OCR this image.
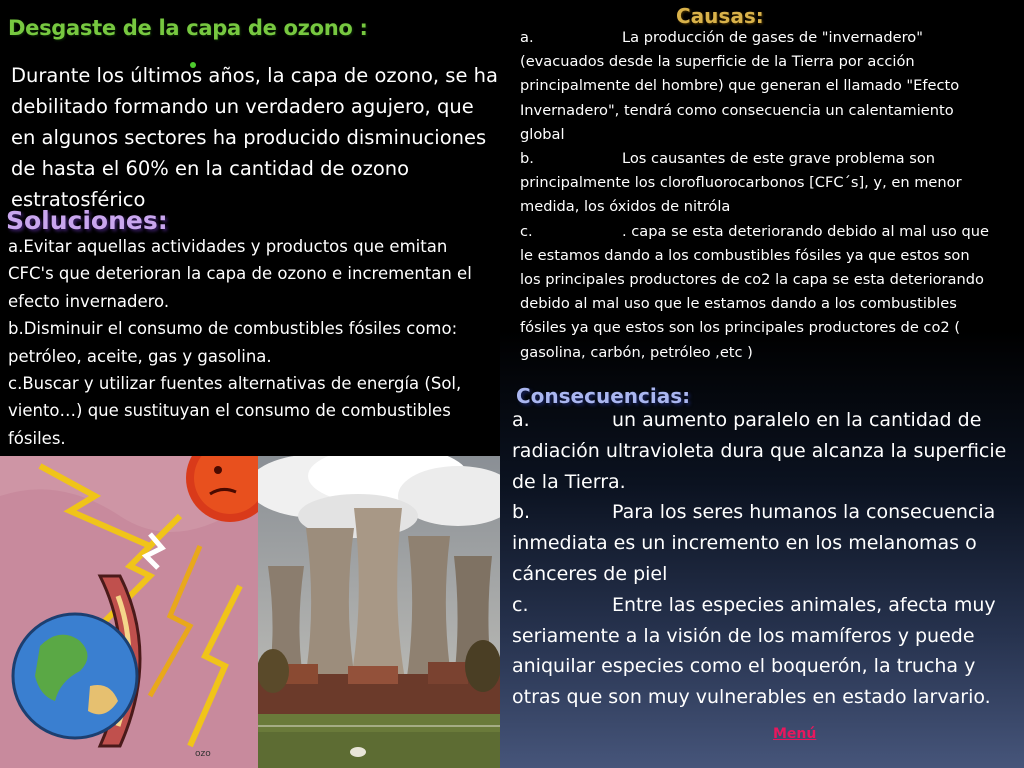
Desgaste de la capa de ozono :
Durante los últimos años, la capa de ozono, se ha debilitado formando un verdadero agujero, que en algunos sectores ha producido disminuciones de hasta el 60% en la cantidad de ozono estratosférico
Soluciones:

a.Evitar aquellas actividades y productos que emitan CFC's que deterioran la capa de ozono e incrementan el efecto invernadero.

b.Disminuir el consumo de combustibles fósiles como: petróleo, aceite, gas y gasolina.

c.Buscar y utilizar fuentes alternativas de energía (Sol, viento…) que sustituyan el consumo de combustibles fósiles.

Causas:

a.	La producción de gases de "invernadero" (evacuados desde la superficie de la Tierra por acción principalmente del hombre) que generan el llamado "Efecto Invernadero", tendrá como consecuencia un calentamiento global

b.	Los causantes de este grave problema son principalmente los clorofluorocarbonos [CFC´s], y, en menor medida, los óxidos de nitróla

c.	. capa se esta deteriorando debido al mal uso que le estamos dando a los combustibles fósiles ya que estos son los principales productores de co2 la capa se esta deteriorando debido al mal uso que le estamos dando a los combustibles fósiles ya que estos son los principales productores de co2 ( gasolina, carbón, petróleo ,etc )

Consecuencias:

a.	un aumento paralelo en la cantidad de radiación ultravioleta dura que alcanza la superficie de la Tierra.

b.	Para los seres humanos la consecuencia inmediata es un incremento en los melanomas o cánceres de piel

c.	Entre las especies animales, afecta muy seriamente a la visión de los mamíferos y puede aniquilar especies como el boquerón, la trucha y otras que son muy vulnerables en estado larvario.

Menú
ozo
